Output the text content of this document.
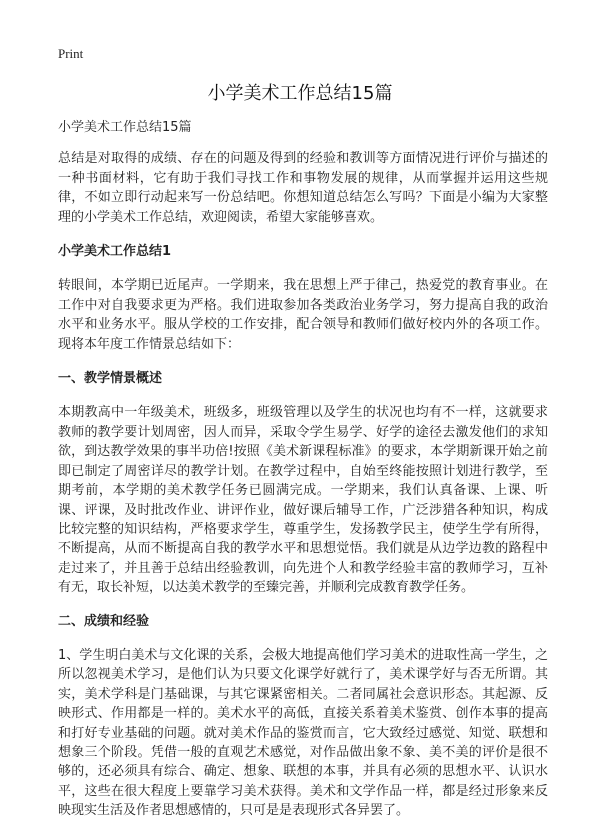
Print
小学美术工作总结15篇

小学美术工作总结15篇

总结是对取得的成绩、存在的问题及得到的经验和教训等方面情况进行评价与描述的一种书面材料，它有助于我们寻找工作和事物发展的规律，从而掌握并运用这些规律，不如立即行动起来写一份总结吧。你想知道总结怎么写吗？下面是小编为大家整理的小学美术工作总结，欢迎阅读，希望大家能够喜欢。

小学美术工作总结1

转眼间，本学期已近尾声。一学期来，我在思想上严于律己，热爱党的教育事业。在工作中对自我要求更为严格。我们进取参加各类政治业务学习，努力提高自我的政治水平和业务水平。服从学校的工作安排，配合领导和教师们做好校内外的各项工作。现将本年度工作情景总结如下：

一、教学情景概述

本期教高中一年级美术，班级多，班级管理以及学生的状况也均有不一样，这就要求教师的教学要计划周密，因人而异，采取令学生易学、好学的途径去激发他们的求知欲，到达教学效果的事半功倍!按照《美术新课程标准》的要求，本学期新课开始之前即已制定了周密详尽的教学计划。在教学过程中，自始至终能按照计划进行教学，至期考前，本学期的美术教学任务已圆满完成。一学期来，我们认真备课、上课、听课、评课，及时批改作业、讲评作业，做好课后辅导工作，广泛涉猎各种知识，构成比较完整的知识结构，严格要求学生，尊重学生，发扬教学民主，使学生学有所得，不断提高，从而不断提高自我的教学水平和思想觉悟。我们就是从边学边教的路程中走过来了，并且善于总结出经验教训，向先进个人和教学经验丰富的教师学习，互补有无，取长补短，以达美术教学的至臻完善，并顺利完成教育教学任务。

二、成绩和经验

1、学生明白美术与文化课的关系，会极大地提高他们学习美术的进取性高一学生，之所以忽视美术学习，是他们认为只要文化课学好就行了，美术课学好与否无所谓。其实，美术学科是门基础课，与其它课紧密相关。二者同属社会意识形态。其起源、反映形式、作用都是一样的。美术水平的高低，直接关系着美术鉴赏、创作本事的提高和打好专业基础的问题。就对美术作品的鉴赏而言，它大致经过感觉、知觉、联想和想象三个阶段。凭借一般的直观艺术感觉，对作品做出象不象、美不美的评价是很不够的，还必须具有综合、确定、想象、联想的本事，并具有必须的思想水平、认识水平，这些在很大程度上要靠学习美术获得。美术和文学作品一样，都是经过形象来反映现实生活及作者思想感情的，只可是是表现形式各异罢了。
